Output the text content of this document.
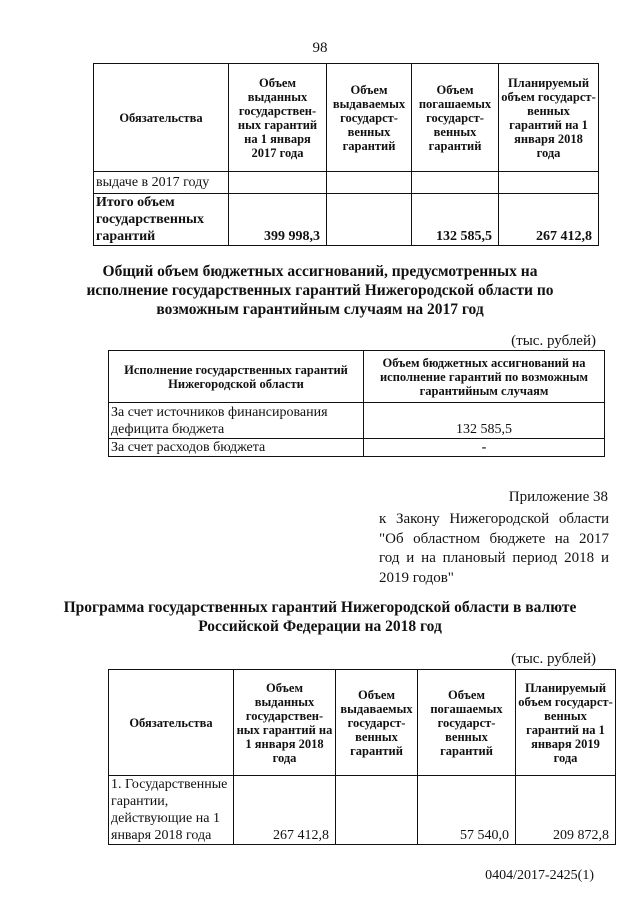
98
Обязательства	Объем выданных государствен-ных гарантий на 1 января 2017 года	Объем выдаваемых государст-венных гарантий	Объем погашаемых государст-венных гарантий	Планируемый объем государст-венных гарантий на 1 января 2018 года
выдаче в 2017 году				
Итого объем государственных гарантий	399 998,3		132 585,5	267 412,8
Общий объем бюджетных ассигнований, предусмотренных на исполнение государственных гарантий Нижегородской области по возможным гарантийным случаям на 2017 год
(тыс. рублей)
Исполнение государственных гарантий Нижегородской области	Объем бюджетных ассигнований на исполнение гарантий по возможным гарантийным случаям
За счет источников финансирования дефицита бюджета	132 585,5
За счет расходов бюджета	-
Приложение 38
к Закону Нижегородской области "Об областном бюджете на 2017 год и на плановый период 2018 и 2019 годов"
Программа государственных гарантий Нижегородской области в валюте Российской Федерации на 2018 год
(тыс. рублей)
Обязательства	Объем выданных государствен-ных гарантий на 1 января 2018 года	Объем выдаваемых государст-венных гарантий	Объем погашаемых государст-венных гарантий	Планируемый объем государст-венных гарантий на 1 января 2019 года
1. Государственные гарантии, действующие на 1 января 2018 года	267 412,8		57 540,0	209 872,8
0404/2017-2425(1)
